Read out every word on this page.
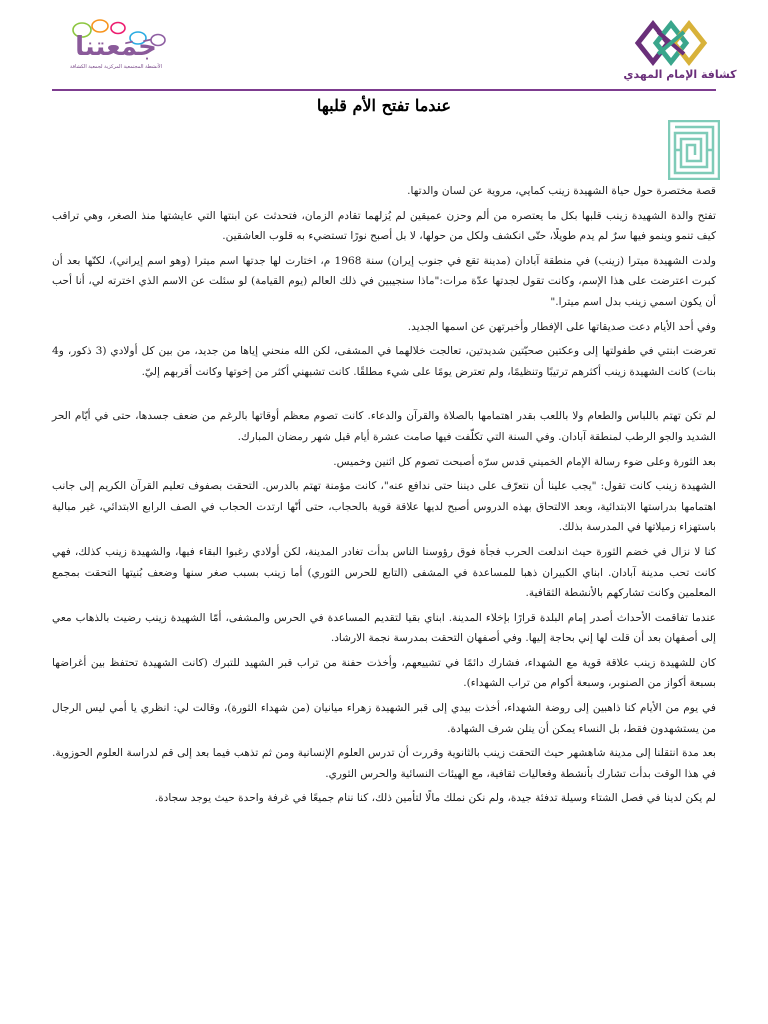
جَمَعتنا
الأنشطة المجتمعية المركزية لجمعية الكشافة
كشافة الإمام المهدي
عندما تفتح الأم قلبها

قصة مختصرة حول حياة الشهيدة زينب كمايي، مروية عن لسان والدتها.

تفتح والدة الشهيدة زينب قلبها بكل ما يعتصره من ألم وحزن عميقين لم يُزلهما تقادم الزمان، فتحدثت عن ابنتها التي عايشتها منذ الصغر، وهي تراقب كيف تنمو وينمو فيها سرٌ لم يدم طويلًا، حتّى انكشف ولكل من حولها، لا بل أصبح نورًا تستضيء به قلوب العاشقين.

ولدت الشهيدة ميترا (زينب) في منطقة آبادان (مدينة تقع في جنوب إيران) سنة 1968 م، اختارت لها جدتها اسم ميترا (وهو اسم إيراني)، لكنّها بعد أن كبرت اعترضت على هذا الإسم، وكانت تقول لجدتها عدّة مرات:"ماذا سنجيبين في ذلك العالم (يوم القيامة) لو سئلت عن الاسم الذي اخترته لي، أنا أحب أن يكون اسمي زينب بدل اسم ميترا."

وفي أحد الأيام دعت صديقاتها على الإفطار وأخبرتهن عن اسمها الجديد.

تعرضت ابنتي في طفولتها إلى وعكتين صحيّتين شديدتين، تعالجت خلالهما في المشفى، لكن الله منحني إياها من جديد، من بين كل أولادي (3 ذكور، و4 بنات) كانت الشهيدة زينب أكثرهم ترتيبًا وتنظيمًا، ولم تعترض يومًا على شيء مطلقًا. كانت تشبهني أكثر من إخوتها وكانت أقربهم إليّ.

لم تكن تهتم باللباس والطعام ولا باللعب بقدر اهتمامها بالصلاة والقرآن والدعاء. كانت تصوم معظم أوقاتها بالرغم من ضعف جسدها، حتى في أيّام الحر الشديد والجو الرطب لمنطقة آبادان. وفي السنة التي تكلّفت فيها صامت عشرة أيام قبل شهر رمضان المبارك.

بعد الثورة وعلى ضوء رسالة الإمام الخميني قدس سرّه أصبحت تصوم كل اثنين وخميس.

الشهيدة زينب كانت تقول: "يجب علينا أن نتعرّف على ديننا حتى ندافع عنه"، كانت مؤمنة تهتم بالدرس. التحقت بصفوف تعليم القرآن الكريم إلى جانب اهتمامها بدراستها الابتدائية، وبعد الالتحاق بهذه الدروس أصبح لديها علاقة قوية بالحجاب، حتى أنّها ارتدت الحجاب في الصف الرابع الابتدائي، غير مبالية باستهزاء زميلاتها في المدرسة بذلك.

كنا لا نزال في خضم الثورة حيث اندلعت الحرب فجأة فوق رؤوسنا الناس بدأت تغادر المدينة، لكن أولادي رغبوا البقاء فيها، والشهيدة زينب كذلك، فهي كانت تحب مدينة آبادان. ابناي الكبيران ذهبا للمساعدة في المشفى (التابع للحرس الثوري) أما زينب بسبب صغر سنها وضعف بُنيتها التحقت بمجمع المعلمين وكانت تشاركهم بالأنشطة الثقافية.

عندما تفاقمت الأحداث أصدر إمام البلدة قرارًا بإخلاء المدينة. ابناي بقيا لتقديم المساعدة في الحرس والمشفى، أمّا الشهيدة زينب رضيت بالذهاب معي إلى أصفهان بعد أن قلت لها إني بحاجة إليها. وفي أصفهان التحقت بمدرسة نجمة الارشاد.

كان للشهيدة زينب علاقة قوية مع الشهداء، فشارك دائمًا في تشييعهم، وأخذت حفنة من تراب قبر الشهيد للتبرك (كانت الشهيدة تحتفظ بين أغراضها بسبعة أكواز من الصنوبر، وسبعة أكوام من تراب الشهداء).

في يوم من الأيام كنا ذاهبين إلى روضة الشهداء، أخذت بيدي إلى قبر الشهيدة زهراء ميانيان (من شهداء الثورة)، وقالت لي: انظري يا أمي ليس الرجال من يستشهدون فقط، بل النساء يمكن أن ينلن شرف الشهادة.

بعد مدة انتقلنا إلى مدينة شاهشهر حيث التحقت زينب بالثانوية وقررت أن تدرس العلوم الإنسانية ومن ثم تذهب فيما بعد إلى قم لدراسة العلوم الحوزوية. في هذا الوقت بدأت تشارك بأنشطة وفعاليات ثقافية، مع الهيئات النسائية والحرس الثوري.

لم يكن لدينا في فصل الشتاء وسيلة تدفئة جيدة، ولم نكن نملك مالًا لتأمين ذلك، كنا ننام جميعًا في غرفة واحدة حيث يوجد سجادة.
